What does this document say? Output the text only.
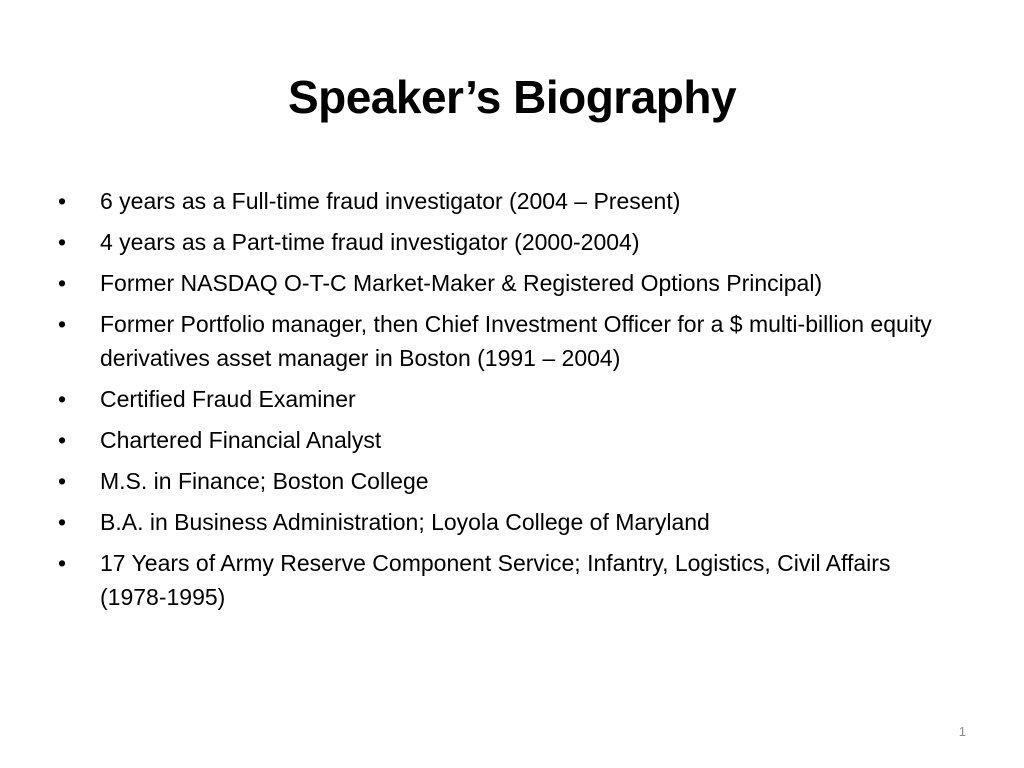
Speaker’s Biography
•	6 years as a Full-time fraud investigator (2004 – Present)
•	4 years as a Part-time fraud investigator (2000-2004)
•	Former NASDAQ O-T-C Market-Maker & Registered Options Principal)
•	Former Portfolio manager, then Chief Investment Officer for a $ multi-billion equity derivatives asset manager in Boston (1991 – 2004)
•	Certified Fraud Examiner
•	Chartered Financial Analyst
•	M.S. in Finance; Boston College
•	B.A. in Business Administration; Loyola College of Maryland
•	17 Years of Army Reserve Component Service; Infantry, Logistics, Civil Affairs (1978-1995)
1
